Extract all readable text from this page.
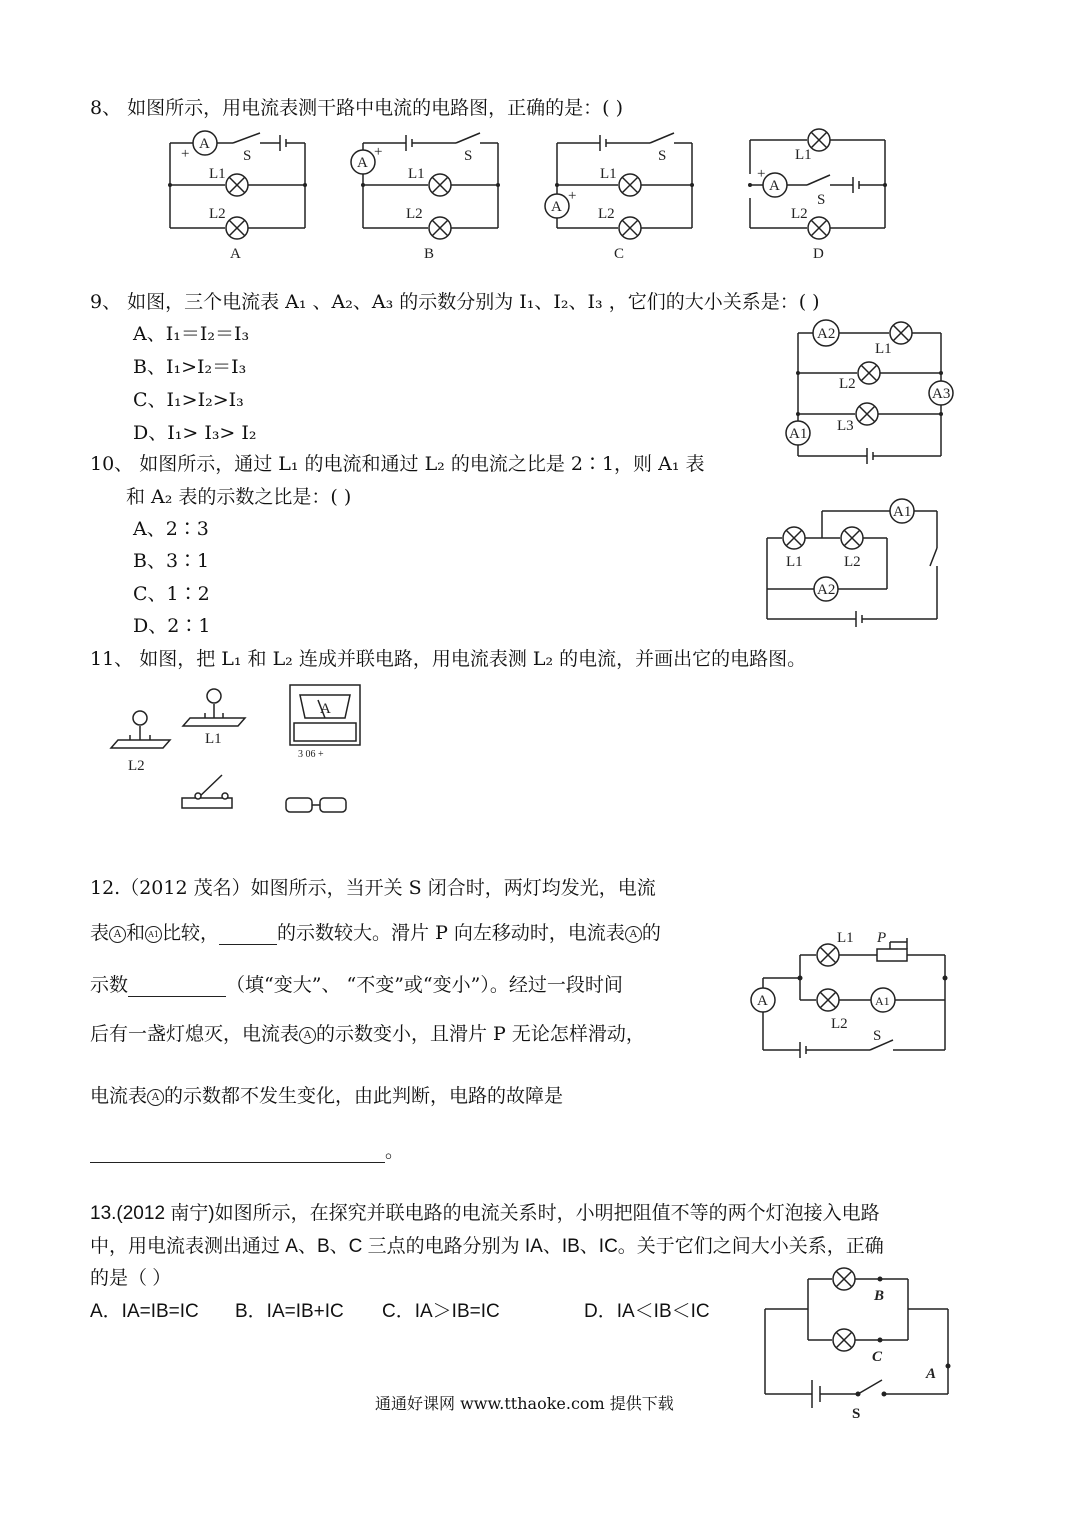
8、 如图所示，用电流表测干路中电流的电路图，正确的是：( )
A
+	S
L1
L2
A
A
+	S
L1
L2
B
A
+
S
L1
L2
C
L1
A
+
S
L2
D
9、 如图，三个电流表 A₁ 、A₂、A₃ 的示数分别为 I₁、I₂、I₃ ，它们的大小关系是：( )
A、I₁＝I₂＝I₃
B、I₁>I₂＝I₃
C、I₁>I₂>I₃
D、I₁> I₃> I₂
A2
L1
A1
A3
L2
L3
10、 如图所示，通过 L₁ 的电流和通过 L₂ 的电流之比是 2∶1，则 A₁ 表
和 A₂ 表的示数之比是：( )
A、2∶3
B、3∶1
C、1∶2
D、2∶1
A1
L1	L2
A2
11、 如图，把 L₁ 和 L₂ 连成并联电路，用电流表测 L₂ 的电流，并画出它的电路图。
L1
L2
A
3 06 +
12.（2012 茂名）如图所示，当开关 S 闭合时，两灯均发光，电流
表 A 和 A1 比较，	的示数较大。滑片 P 向左移动时，电流表 A 的
示数	（填“变大”、 “不变”或“变小”）。经过一段时间
后有一盏灯熄灭，电流表 A 的示数变小，且滑片 P 无论怎样滑动，
电流表 A 的示数都不发生变化，由此判断，电路的故障是
。
L1 P
A1
L2
A
S
13.(2012 南宁)如图所示，在探究并联电路的电流关系时，小明把阻值不等的两个灯泡接入电路
中，用电流表测出通过 A、B、C 三点的电路分别为 IA、IB、IC。关于它们之间大小关系，正确
的是（ ）
A．IA=IB=IC B．IA=IB+IC C．IA＞IB=IC	D．IA＜IB＜IC
B
C
A
S
通通好课网 www.tthaoke.com 提供下载
